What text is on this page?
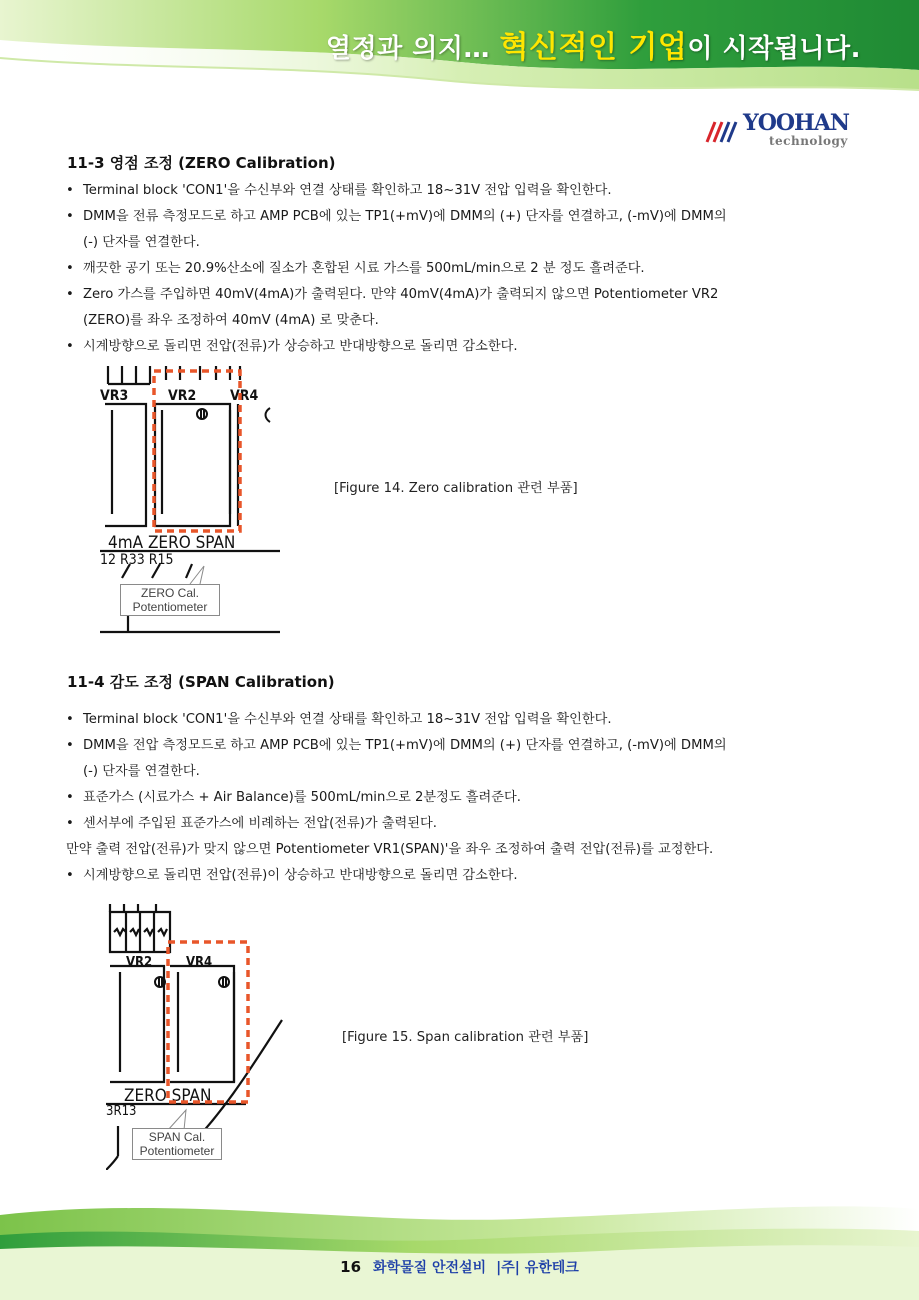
열정과 의지… 혁신적인 기업이 시작됩니다.
YOOHAN
technology
11-3 영점 조정 (ZERO Calibration)
• Terminal block 'CON1'을 수신부와 연결 상태를 확인하고 18~31V 전압 입력을 확인한다.
• DMM을 전류 측정모드로 하고 AMP PCB에 있는 TP1(+mV)에 DMM의 (+) 단자를 연결하고, (-mV)에 DMM의
(-) 단자를 연결한다.
• 깨끗한 공기 또는 20.9%산소에 질소가 혼합된 시료 가스를 500mL/min으로 2 분 정도 흘려준다.
• Zero 가스를 주입하면 40mV(4mA)가 출력된다. 만약 40mV(4mA)가 출력되지 않으면 Potentiometer VR2
(ZERO)를 좌우 조정하여 40mV (4mA) 로 맞춘다.
• 시계방향으로 돌리면 전압(전류)가 상승하고 반대방향으로 돌리면 감소한다.
VR3	VR2 VR4
4mA ZERO SPAN
12 R33 R15
ZERO Cal.
Potentiometer
[Figure 14. Zero calibration 관련 부품]
11-4 감도 조정 (SPAN Calibration)
• Terminal block 'CON1'을 수신부와 연결 상태를 확인하고 18~31V 전압 입력을 확인한다.
• DMM을 전압 측정모드로 하고 AMP PCB에 있는 TP1(+mV)에 DMM의 (+) 단자를 연결하고, (-mV)에 DMM의
(-) 단자를 연결한다.
• 표준가스 (시료가스 + Air Balance)를 500mL/min으로 2분정도 흘려준다.
• 센서부에 주입된 표준가스에 비례하는 전압(전류)가 출력된다.
만약 출력 전압(전류)가 맞지 않으면 Potentiometer VR1(SPAN)'을 좌우 조정하여 출력 전압(전류)를 교정한다.
• 시계방향으로 돌리면 전압(전류)이 상승하고 반대방향으로 돌리면 감소한다.
VR2	VR4
ZERO SPAN
3R13
SPAN Cal.
Potentiometer
[Figure 15. Span calibration 관련 부품]
16 화학물질 안전설비 |주| 유한테크
